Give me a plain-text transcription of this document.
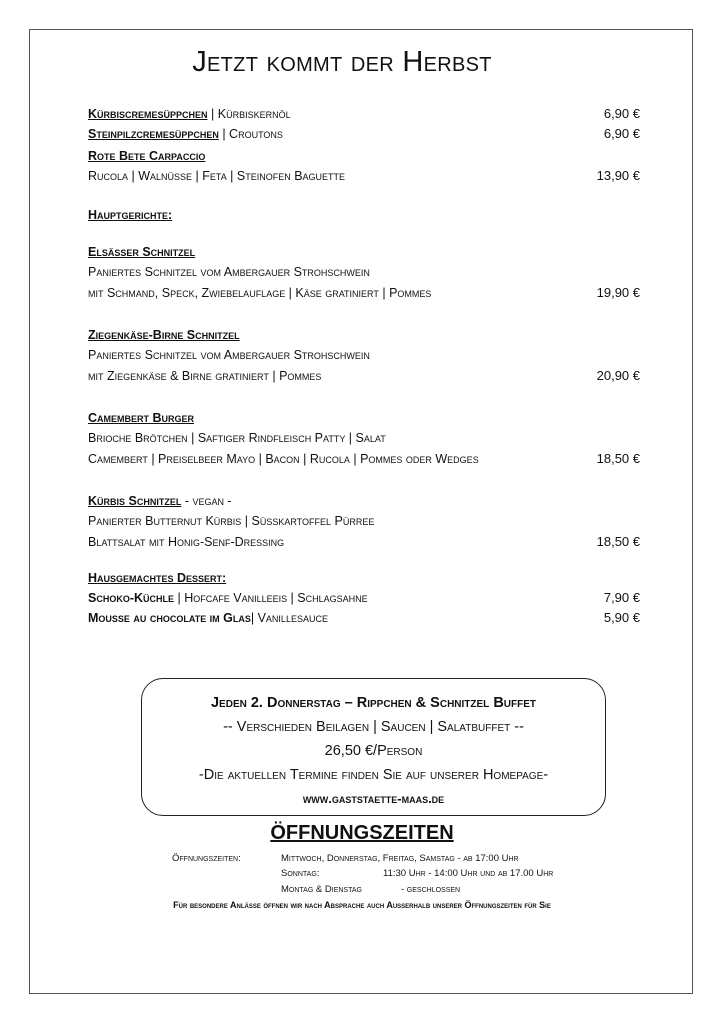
Jetzt kommt der Herbst
Kürbiscremesüppchen | Kürbiskernöl	6,90 €
Steinpilzcremesüppchen | Croutons	6,90 €
Rote Bete Carpaccio
Rucola | Walnüsse | Feta | Steinofen Baguette	13,90 €
Hauptgerichte:
Elsässer Schnitzel
Paniertes Schnitzel vom Ambergauer Strohschwein
mit Schmand, Speck, Zwiebelauflage | Käse gratiniert | Pommes	19,90 €
Ziegenkäse-Birne Schnitzel
Paniertes Schnitzel vom Ambergauer Strohschwein
mit Ziegenkäse & Birne gratiniert | Pommes	20,90 €
Camembert Burger
Brioche Brötchen | Saftiger Rindfleisch Patty | Salat
Camembert | Preiselbeer Mayo | Bacon | Rucola | Pommes oder Wedges	18,50 €
Kürbis Schnitzel - vegan -
Panierter Butternut Kürbis | Süßkartoffel Pürree
Blattsalat mit Honig-Senf-Dressing	18,50 €
Hausgemachtes Dessert:
Schoko-Küchle | Hofcafe Vanilleeis | Schlagsahne	7,90 €
Mousse au chocolate im Glas| Vanillesauce	5,90 €
Jeden 2. Donnerstag – Rippchen & Schnitzel Buffet
-- Verschieden Beilagen | Saucen | Salatbuffet --
26,50 €/Person
-Die aktuellen Termine finden Sie auf unserer Homepage-
www.gaststaette-maas.de
ÖFFNUNGSZEITEN
Öffnungszeiten:	Mittwoch, Donnerstag, Freitag, Samstag - ab 17:00 Uhr
Sonntag:	11:30 Uhr - 14:00 Uhr und ab 17.00 Uhr
Montag & Dienstag	- geschlossen
Für besondere Anlässe öffnen wir nach Absprache auch Außerhalb unserer Öffnungszeiten für Sie
